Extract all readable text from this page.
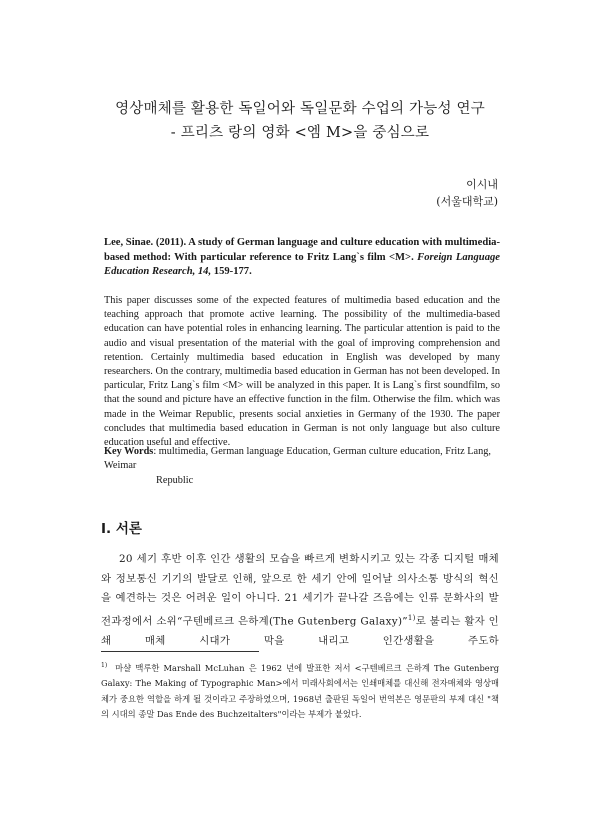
영상매체를 활용한 독일어와 독일문화 수업의 가능성 연구
- 프리츠 랑의 영화 <엠 M>을 중심으로
이시내
(서울대학교)

Lee, Sinae. (2011). A study of German language and culture education with multimedia-based method: With particular reference to Fritz Lang`s film <M>. Foreign Language Education Research, 14, 159-177.

This paper discusses some of the expected features of multimedia based education and the teaching approach that promote active learning. The possibility of the multimedia-based education can have potential roles in enhancing learning. The particular attention is paid to the audio and visual presentation of the material with the goal of improving comprehension and retention. Certainly multimedia based education in English was developed by many researchers. On the contrary, multimedia based education in German has not been developed. In particular, Fritz Lang`s film <M> will be analyzed in this paper. It is Lang`s first soundfilm, so that the sound and picture have an effective function in the film. Otherwise the film. which was made in the Weimar Republic, presents social anxieties in Germany of the 1930. The paper concludes that multimedia based education in German is not only language but also culture education useful and effective.

Key Words: multimedia, German language Education, German culture education, Fritz Lang, Weimar
Republic

I. 서론

20 세기 후반 이후 인간 생활의 모습을 빠르게 변화시키고 있는 각종 디지털 매체와 정보통신 기기의 발달로 인해, 앞으로 한 세기 안에 일어날 의사소통 방식의 혁신을 예견하는 것은 어려운 일이 아니다. 21 세기가 끝나갈 즈음에는 인류 문화사의 발전과정에서 소위“구텐베르크 은하계(The Gutenberg Galaxy)”$^{1)}$로 불리는 활자 인쇄 매체 시대가 막을 내리고 인간생활을 주도하

$^{1)}$ 마샬 맥루한 Marshall McLuhan 은 1962 년에 발표한 저서 <구텐베르크 은하계 The Gutenberg Galaxy: The Making of Typographic Man>에서 미래사회에서는 인쇄매체를 대신해 전자매체와 영상매체가 중요한 역할을 하게 될 것이라고 주장하였으며, 1968년 출판된 독일어 번역본은 영문판의 부제 대신 "책의 시대의 종말 Das Ende des Buchzeitalters"이라는 부제가 붙었다.
